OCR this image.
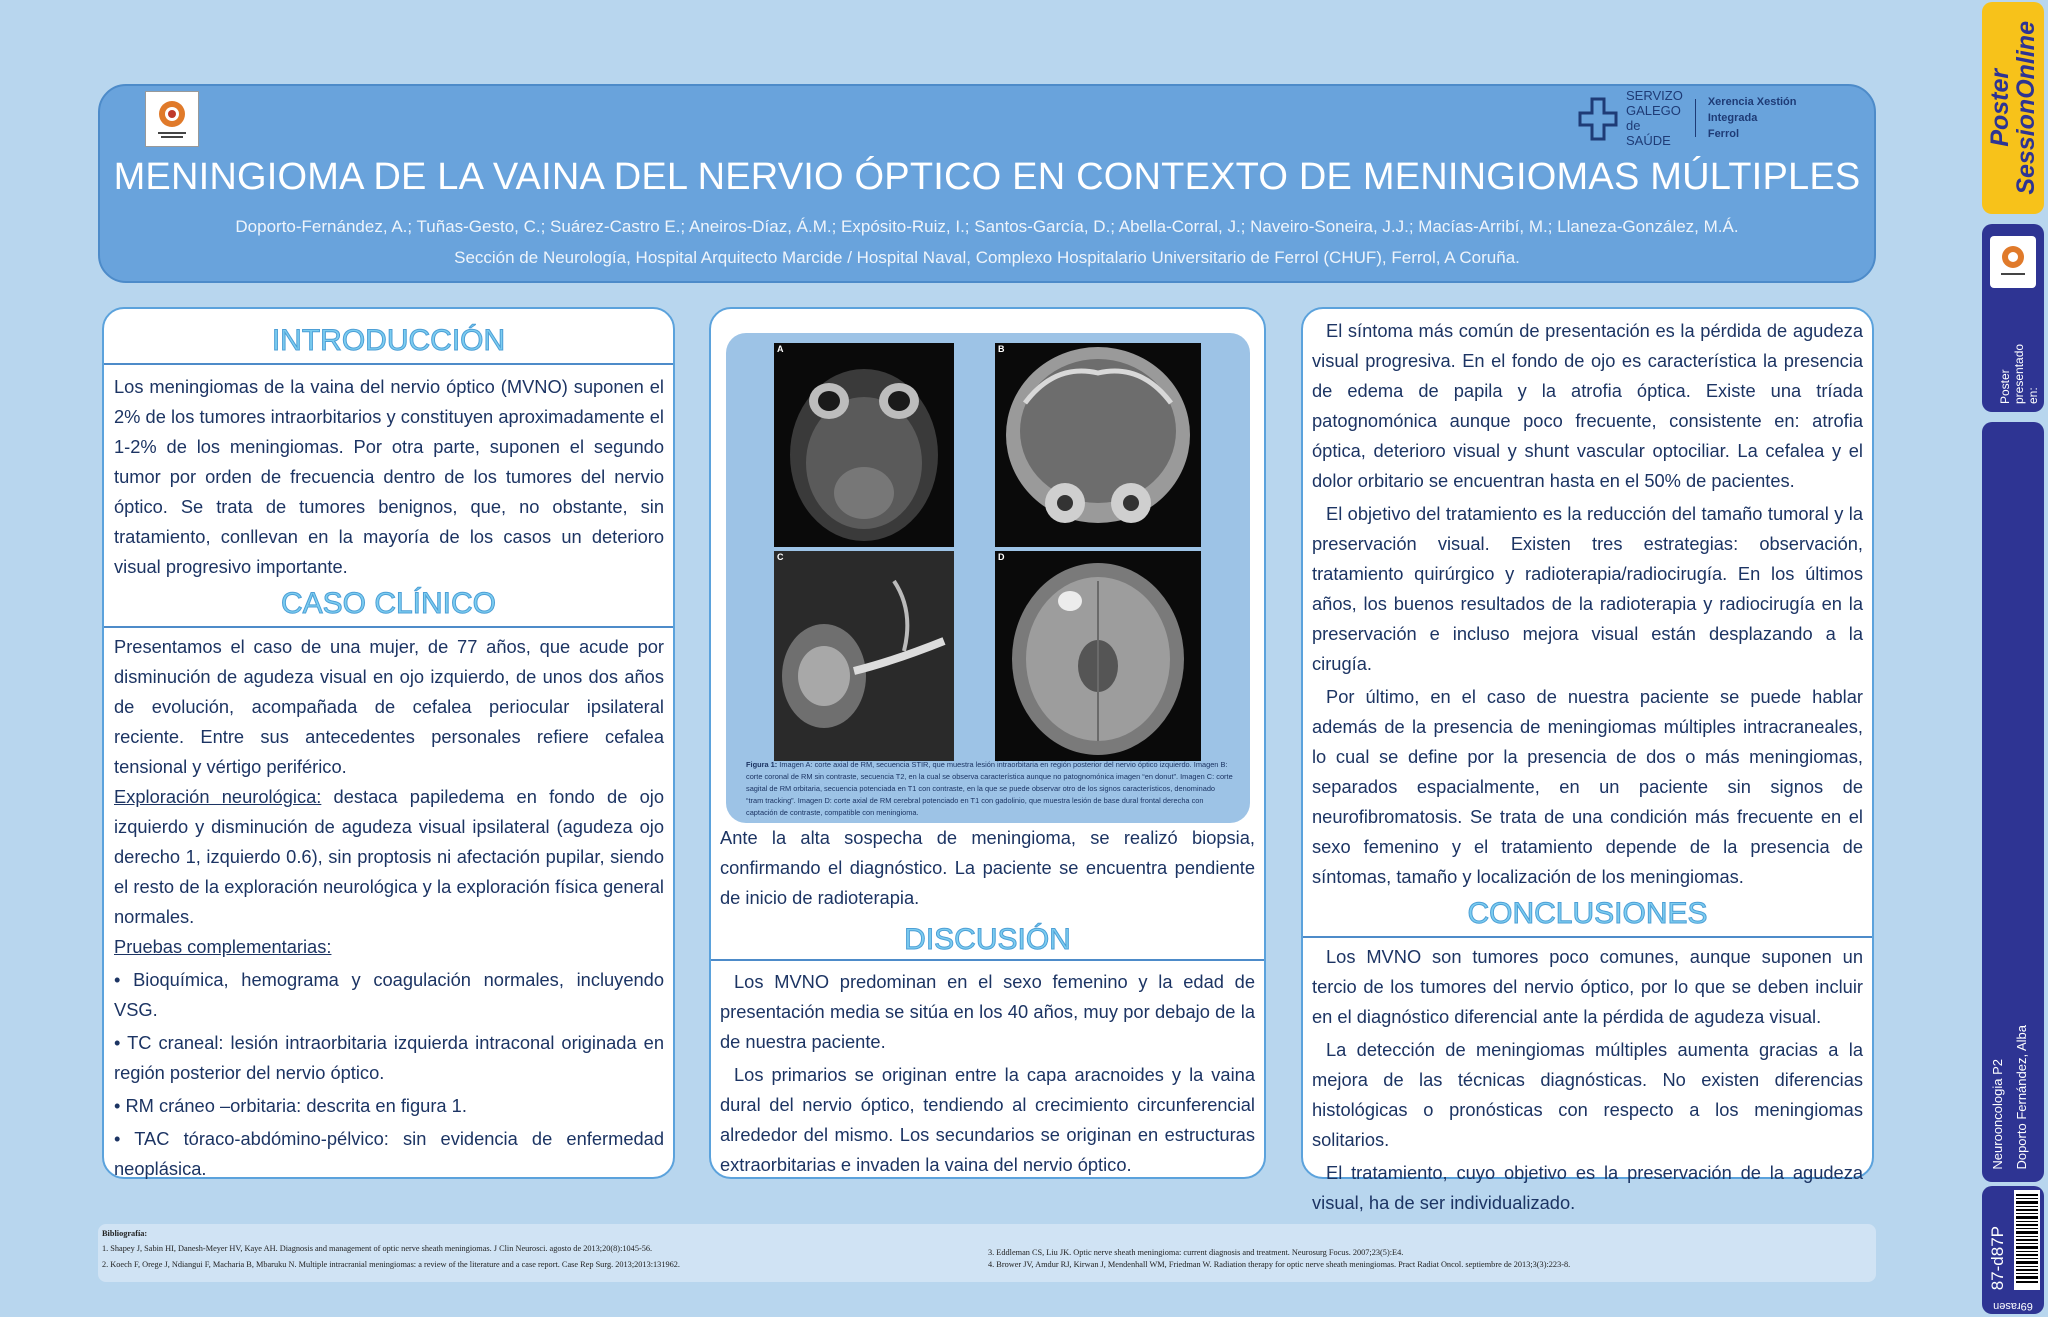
SERVIZO
GALEGO
de SAÚDE
Xerencia Xestión Integrada
Ferrol
MENINGIOMA DE LA VAINA DEL NERVIO ÓPTICO EN CONTEXTO DE MENINGIOMAS MÚLTIPLES
Doporto-Fernández, A.; Tuñas-Gesto, C.; Suárez-Castro E.; Aneiros-Díaz, Á.M.; Expósito-Ruiz, I.; Santos-García, D.; Abella-Corral, J.; Naveiro-Soneira, J.J.; Macías-Arribí, M.; Llaneza-González, M.Á.
Sección de Neurología, Hospital Arquitecto Marcide / Hospital Naval, Complexo Hospitalario Universitario de Ferrol (CHUF), Ferrol, A Coruña.
INTRODUCCIÓN

Los meningiomas de la vaina del nervio óptico (MVNO) suponen el 2% de los tumores intraorbitarios y constituyen aproximadamente el 1-2% de los meningiomas. Por otra parte, suponen el segundo tumor por orden de frecuencia dentro de los tumores del nervio óptico. Se trata de tumores benignos, que, no obstante, sin tratamiento, conllevan en la mayoría de los casos un deterioro visual progresivo importante.

CASO CLÍNICO

Presentamos el caso de una mujer, de 77 años, que acude por disminución de agudeza visual en ojo izquierdo, de unos dos años de evolución, acompañada de cefalea periocular ipsilateral reciente. Entre sus antecedentes personales refiere cefalea tensional y vértigo periférico.

Exploración neurológica: destaca papiledema en fondo de ojo izquierdo y disminución de agudeza visual ipsilateral (agudeza ojo derecho 1, izquierdo 0.6), sin proptosis ni afectación pupilar, siendo el resto de la exploración neurológica y la exploración física general normales.

Pruebas complementarias:

• Bioquímica, hemograma y coagulación normales, incluyendo VSG.

• TC craneal: lesión intraorbitaria izquierda intraconal originada en región posterior del nervio óptico.

• RM cráneo –orbitaria: descrita en figura 1.

• TAC tóraco-abdómino-pélvico: sin evidencia de enfermedad neoplásica.

A	B
C	D
Figura 1: Imagen A: corte axial de RM, secuencia STIR, que muestra lesión intraorbitaria en región posterior del nervio óptico izquierdo. Imagen B: corte coronal de RM sin contraste, secuencia T2, en la cual se observa característica aunque no patognomónica imagen “en donut”. Imagen C: corte sagital de RM orbitaria, secuencia potenciada en T1 con contraste, en la que se puede observar otro de los signos característicos, denominado “tram tracking”. Imagen D: corte axial de RM cerebral potenciado en T1 con gadolinio, que muestra lesión de base dural frontal derecha con captación de contraste, compatible con meningioma.

Ante la alta sospecha de meningioma, se realizó biopsia, confirmando el diagnóstico. La paciente se encuentra pendiente de inicio de radioterapia.

DISCUSIÓN

Los MVNO predominan en el sexo femenino y la edad de presentación media se sitúa en los 40 años, muy por debajo de la de nuestra paciente.

Los primarios se originan entre la capa aracnoides y la vaina dural del nervio óptico, tendiendo al crecimiento circunferencial alrededor del mismo. Los secundarios se originan en estructuras extraorbitarias e invaden la vaina del nervio óptico.

El síntoma más común de presentación es la pérdida de agudeza visual progresiva. En el fondo de ojo es característica la presencia de edema de papila y la atrofia óptica. Existe una tríada patognomónica aunque poco frecuente, consistente en: atrofia óptica, deterioro visual y shunt vascular optociliar. La cefalea y el dolor orbitario se encuentran hasta en el 50% de pacientes.

El objetivo del tratamiento es la reducción del tamaño tumoral y la preservación visual. Existen tres estrategias: observación, tratamiento quirúrgico y radioterapia/radiocirugía. En los últimos años, los buenos resultados de la radioterapia y radiocirugía en la preservación e incluso mejora visual están desplazando a la cirugía.

Por último, en el caso de nuestra paciente se puede hablar además de la presencia de meningiomas múltiples intracraneales, lo cual se define por la presencia de dos o más meningiomas, separados espacialmente, en un paciente sin signos de neurofibromatosis. Se trata de una condición más frecuente en el sexo femenino y el tratamiento depende de la presencia de síntomas, tamaño y localización de los meningiomas.

CONCLUSIONES

Los MVNO son tumores poco comunes, aunque suponen un tercio de los tumores del nervio óptico, por lo que se deben incluir en el diagnóstico diferencial ante la pérdida de agudeza visual.

La detección de meningiomas múltiples aumenta gracias a la mejora de las técnicas diagnósticas. No existen diferencias histológicas o pronósticas con respecto a los meningiomas solitarios.

El tratamiento, cuyo objetivo es la preservación de la agudeza visual, ha de ser individualizado.

Bibliografía:
1. Shapey J, Sabin HI, Danesh-Meyer HV, Kaye AH. Diagnosis and management of optic nerve sheath meningiomas. J Clin Neurosci. agosto de 2013;20(8):1045-56.
2. Koech F, Orege J, Ndiangui F, Macharia B, Mbaruku N. Multiple intracranial meningiomas: a review of the literature and a case report. Case Rep Surg. 2013;2013:131962.
3. Eddleman CS, Liu JK. Optic nerve sheath meningioma: current diagnosis and treatment. Neurosurg Focus. 2007;23(5):E4.
4. Brower JV, Amdur RJ, Kirwan J, Mendenhall WM, Friedman W. Radiation therapy for optic nerve sheath meningiomas. Pract Radiat Oncol. septiembre de 2013;3(3):223-8.
Poster
SessionOnline
Poster presentado en:
Neurooncologia P2 Doporto Fernández, Alba
87-d87P
69rasen
